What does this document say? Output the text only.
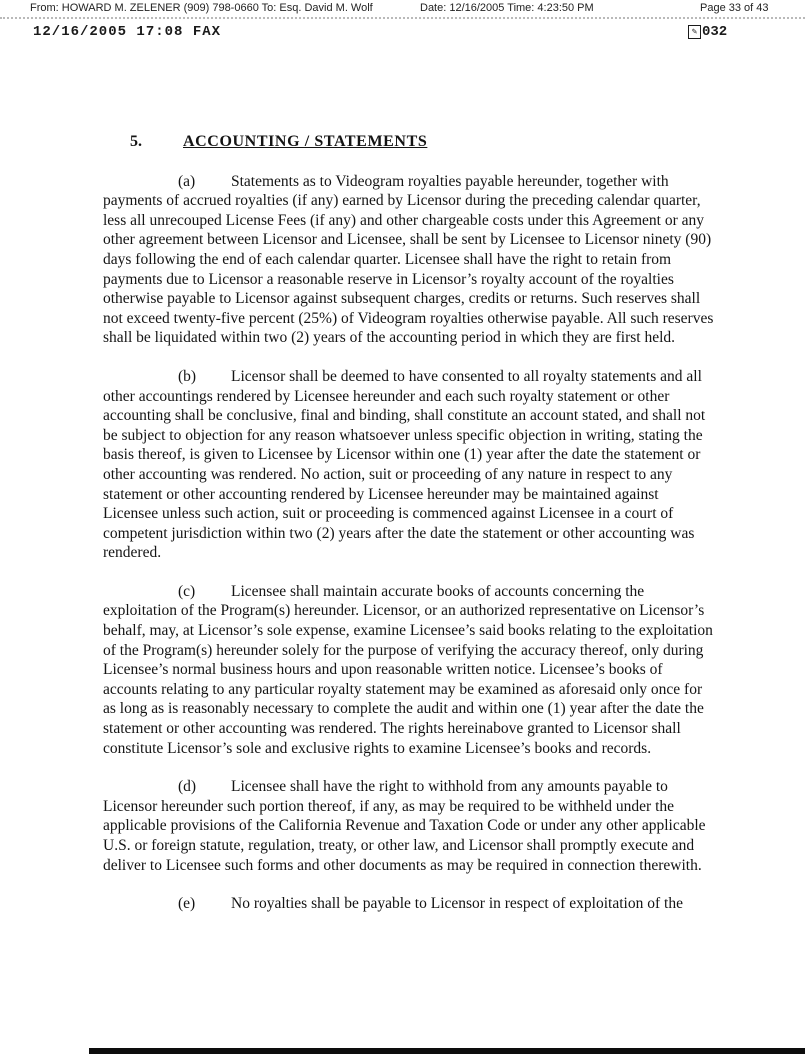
From: HOWARD M. ZELENER (909) 798-0660 To: Esq. David M. Wolf	Date: 12/16/2005 Time: 4:23:50 PM	Page 33 of 43
12/16/2005 17:08 FAX	✎ 032
5.	ACCOUNTING / STATEMENTS

(a) Statements as to Videogram royalties payable hereunder, together with payments of accrued royalties (if any) earned by Licensor during the preceding calendar quarter, less all unrecouped License Fees (if any) and other chargeable costs under this Agreement or any other agreement between Licensor and Licensee, shall be sent by Licensee to Licensor ninety (90) days following the end of each calendar quarter. Licensee shall have the right to retain from payments due to Licensor a reasonable reserve in Licensor’s royalty account of the royalties otherwise payable to Licensor against subsequent charges, credits or returns. Such reserves shall not exceed twenty-five percent (25%) of Videogram royalties otherwise payable. All such reserves shall be liquidated within two (2) years of the accounting period in which they are first held.

(b) Licensor shall be deemed to have consented to all royalty statements and all other accountings rendered by Licensee hereunder and each such royalty statement or other accounting shall be conclusive, final and binding, shall constitute an account stated, and shall not be subject to objection for any reason whatsoever unless specific objection in writing, stating the basis thereof, is given to Licensee by Licensor within one (1) year after the date the statement or other accounting was rendered. No action, suit or proceeding of any nature in respect to any statement or other accounting rendered by Licensee hereunder may be maintained against Licensee unless such action, suit or proceeding is commenced against Licensee in a court of competent jurisdiction within two (2) years after the date the statement or other accounting was rendered.

(c) Licensee shall maintain accurate books of accounts concerning the exploitation of the Program(s) hereunder. Licensor, or an authorized representative on Licensor’s behalf, may, at Licensor’s sole expense, examine Licensee’s said books relating to the exploitation of the Program(s) hereunder solely for the purpose of verifying the accuracy thereof, only during Licensee’s normal business hours and upon reasonable written notice. Licensee’s books of accounts relating to any particular royalty statement may be examined as aforesaid only once for as long as is reasonably necessary to complete the audit and within one (1) year after the date the statement or other accounting was rendered. The rights hereinabove granted to Licensor shall constitute Licensor’s sole and exclusive rights to examine Licensee’s books and records.

(d) Licensee shall have the right to withhold from any amounts payable to Licensor hereunder such portion thereof, if any, as may be required to be withheld under the applicable provisions of the California Revenue and Taxation Code or under any other applicable U.S. or foreign statute, regulation, treaty, or other law, and Licensor shall promptly execute and deliver to Licensee such forms and other documents as may be required in connection therewith.

(e) No royalties shall be payable to Licensor in respect of exploitation of the
